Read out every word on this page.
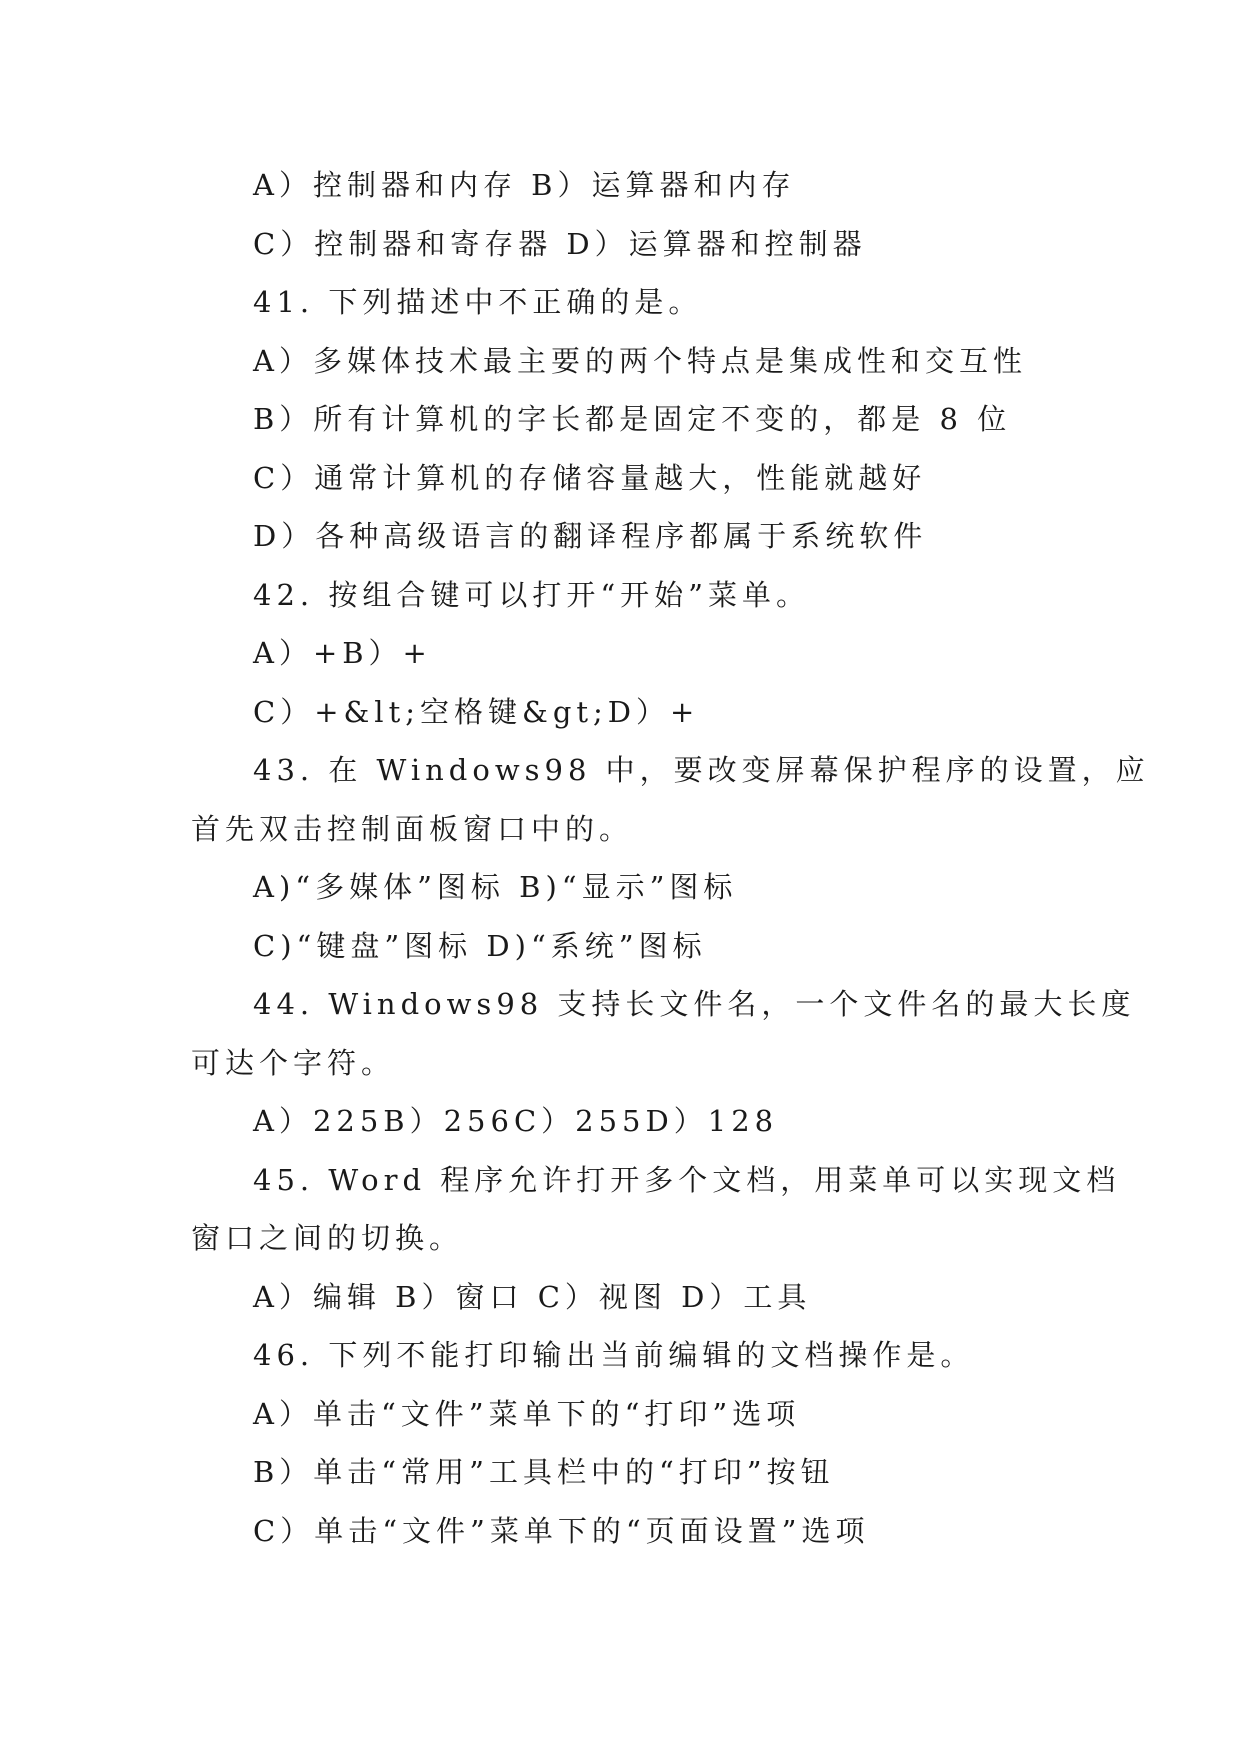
A）控制器和内存 B）运算器和内存
C）控制器和寄存器 D）运算器和控制器
41. 下列描述中不正确的是。
A）多媒体技术最主要的两个特点是集成性和交互性
B）所有计算机的字长都是固定不变的，都是 8 位
C）通常计算机的存储容量越大，性能就越好
D）各种高级语言的翻译程序都属于系统软件
42. 按组合键可以打开“开始”菜单。
A）+B）+
C）+&lt;空格键&gt;D）+
43. 在 Windows98 中，要改变屏幕保护程序的设置，应
首先双击控制面板窗口中的。
A)“多媒体”图标 B)“显示”图标
C)“键盘”图标 D)“系统”图标
44. Windows98 支持长文件名，一个文件名的最大长度
可达个字符。
A）225B）256C）255D）128
45. Word 程序允许打开多个文档，用菜单可以实现文档
窗口之间的切换。
A）编辑 B）窗口 C）视图 D）工具
46. 下列不能打印输出当前编辑的文档操作是。
A）单击“文件”菜单下的“打印”选项
B）单击“常用”工具栏中的“打印”按钮
C）单击“文件”菜单下的“页面设置”选项
